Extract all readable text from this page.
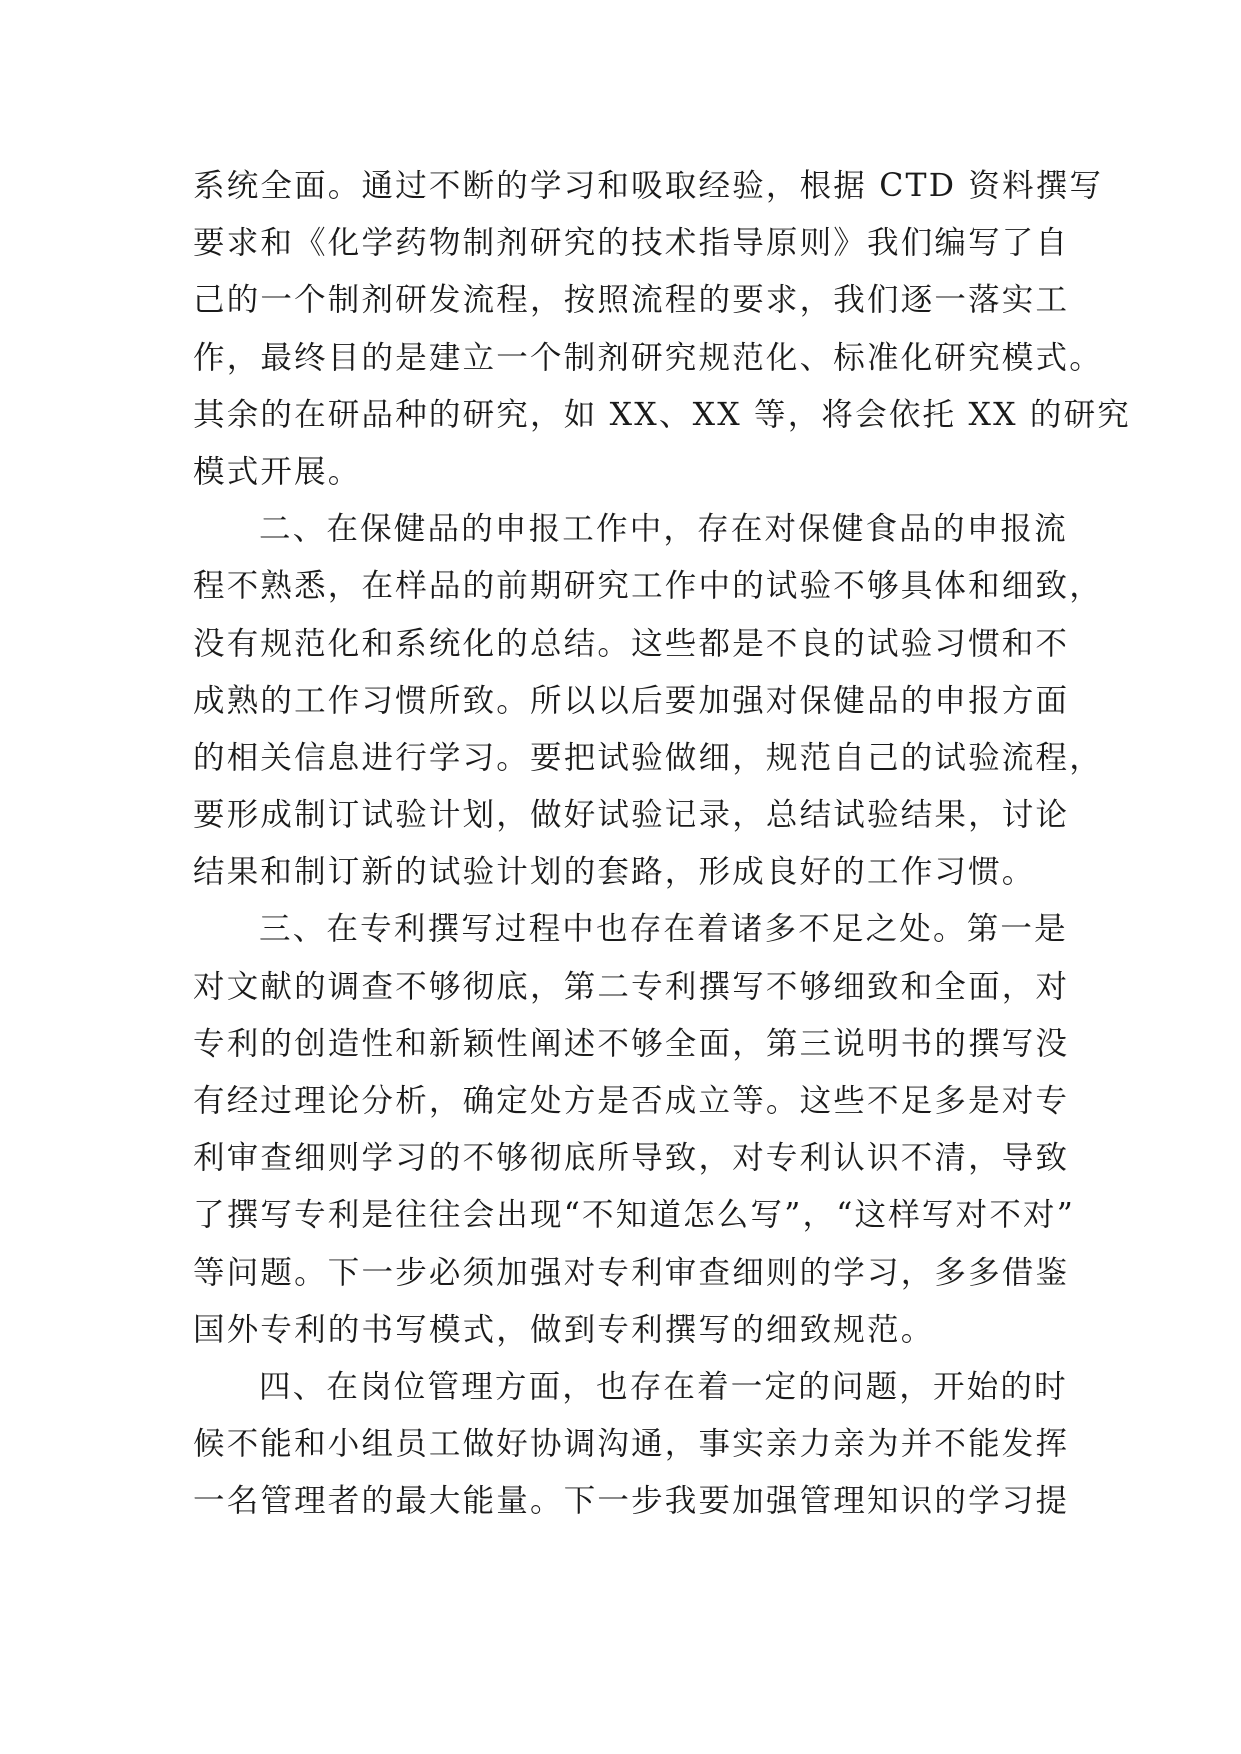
系统全面。通过不断的学习和吸取经验，根据 CTD 资料撰写
要求和《化学药物制剂研究的技术指导原则》我们编写了自
己的一个制剂研发流程，按照流程的要求，我们逐一落实工
作，最终目的是建立一个制剂研究规范化、标准化研究模式。
其余的在研品种的研究，如 XX、XX 等，将会依托 XX 的研究
模式开展。
二、在保健品的申报工作中，存在对保健食品的申报流
程不熟悉，在样品的前期研究工作中的试验不够具体和细致，
没有规范化和系统化的总结。这些都是不良的试验习惯和不
成熟的工作习惯所致。所以以后要加强对保健品的申报方面
的相关信息进行学习。要把试验做细，规范自己的试验流程，
要形成制订试验计划，做好试验记录，总结试验结果，讨论
结果和制订新的试验计划的套路，形成良好的工作习惯。
三、在专利撰写过程中也存在着诸多不足之处。第一是
对文献的调查不够彻底，第二专利撰写不够细致和全面，对
专利的创造性和新颖性阐述不够全面，第三说明书的撰写没
有经过理论分析，确定处方是否成立等。这些不足多是对专
利审查细则学习的不够彻底所导致，对专利认识不清，导致
了撰写专利是往往会出现“不知道怎么写”，“这样写对不对”
等问题。下一步必须加强对专利审查细则的学习，多多借鉴
国外专利的书写模式，做到专利撰写的细致规范。
四、在岗位管理方面，也存在着一定的问题，开始的时
候不能和小组员工做好协调沟通，事实亲力亲为并不能发挥
一名管理者的最大能量。下一步我要加强管理知识的学习提
